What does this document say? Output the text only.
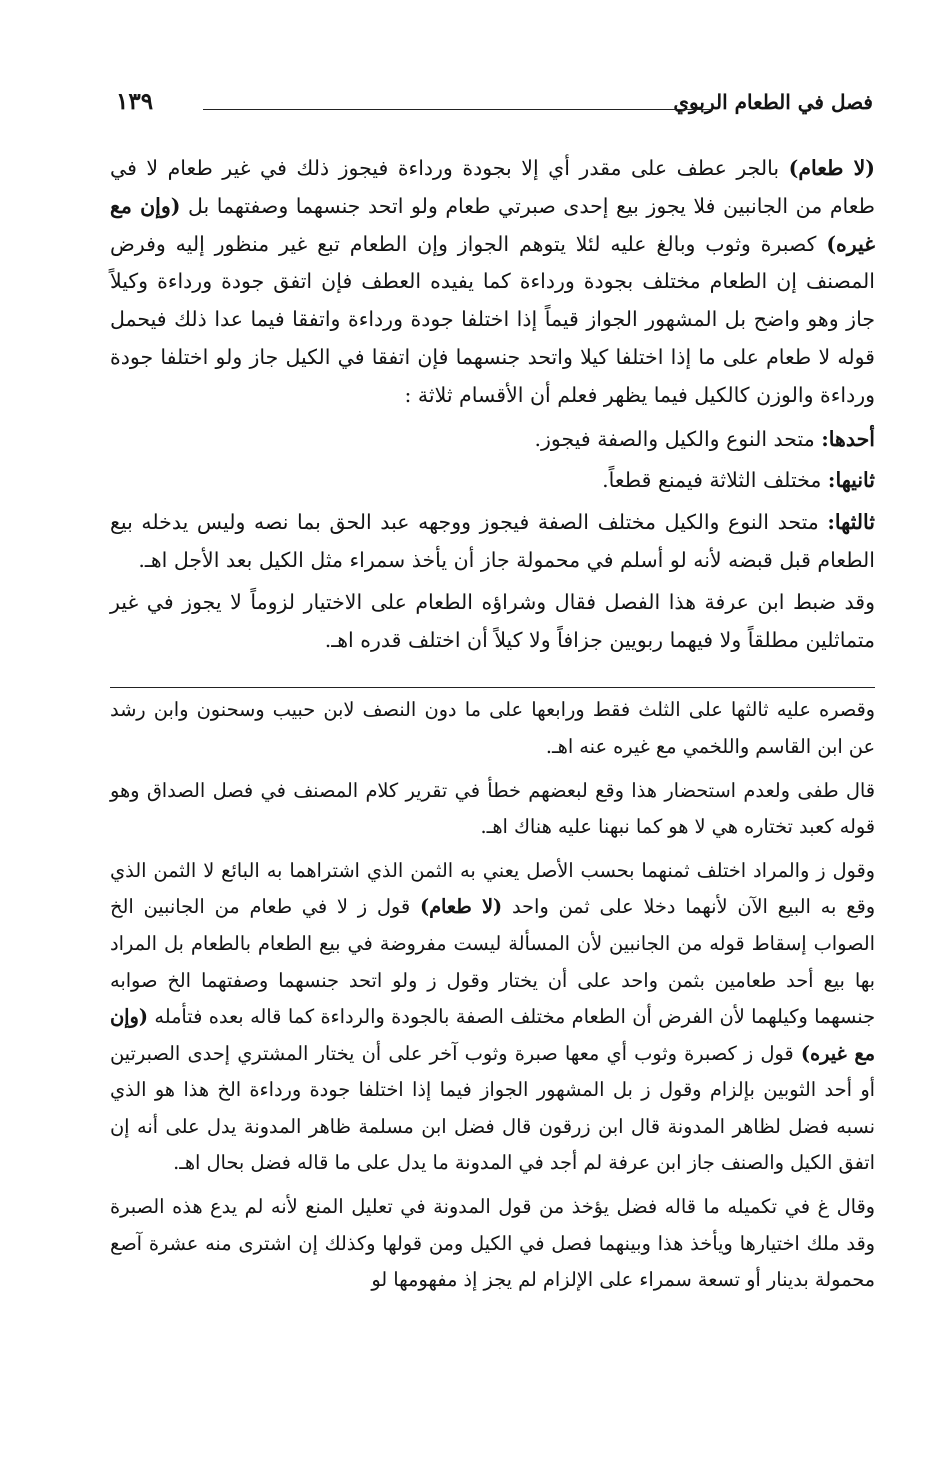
فصل في الطعام الربوي
١٣٩

(لا طعام) بالجر عطف على مقدر أي إلا بجودة ورداءة فيجوز ذلك في غير طعام لا في طعام من الجانبين فلا يجوز بيع إحدى صبرتي طعام ولو اتحد جنسهما وصفتهما بل (وإن مع غيره) كصبرة وثوب وبالغ عليه لئلا يتوهم الجواز وإن الطعام تبع غير منظور إليه وفرض المصنف إن الطعام مختلف بجودة ورداءة كما يفيده العطف فإن اتفق جودة ورداءة وكيلاً جاز وهو واضح بل المشهور الجواز قيماً إذا اختلفا جودة ورداءة واتفقا فيما عدا ذلك فيحمل قوله لا طعام على ما إذا اختلفا كيلا واتحد جنسهما فإن اتفقا في الكيل جاز ولو اختلفا جودة ورداءة والوزن كالكيل فيما يظهر فعلم أن الأقسام ثلاثة :

أحدها: متحد النوع والكيل والصفة فيجوز.

ثانيها: مختلف الثلاثة فيمنع قطعاً.

ثالثها: متحد النوع والكيل مختلف الصفة فيجوز ووجهه عبد الحق بما نصه وليس يدخله بيع الطعام قبل قبضه لأنه لو أسلم في محمولة جاز أن يأخذ سمراء مثل الكيل بعد الأجل اهـ.

وقد ضبط ابن عرفة هذا الفصل فقال وشراؤه الطعام على الاختيار لزوماً لا يجوز في غير متماثلين مطلقاً ولا فيهما ربويين جزافاً ولا كيلاً أن اختلف قدره اهـ.

وقصره عليه ثالثها على الثلث فقط ورابعها على ما دون النصف لابن حبيب وسحنون وابن رشد عن ابن القاسم واللخمي مع غيره عنه اهـ.

قال طفى ولعدم استحضار هذا وقع لبعضهم خطأ في تقرير كلام المصنف في فصل الصداق وهو قوله كعبد تختاره هي لا هو كما نبهنا عليه هناك اهـ.

وقول ز والمراد اختلف ثمنهما بحسب الأصل يعني به الثمن الذي اشتراهما به البائع لا الثمن الذي وقع به البيع الآن لأنهما دخلا على ثمن واحد (لا طعام) قول ز لا في طعام من الجانبين الخ الصواب إسقاط قوله من الجانبين لأن المسألة ليست مفروضة في بيع الطعام بالطعام بل المراد بها بيع أحد طعامين بثمن واحد على أن يختار وقول ز ولو اتحد جنسهما وصفتهما الخ صوابه جنسهما وكيلهما لأن الفرض أن الطعام مختلف الصفة بالجودة والرداءة كما قاله بعده فتأمله (وإن مع غيره) قول ز كصبرة وثوب أي معها صبرة وثوب آخر على أن يختار المشتري إحدى الصبرتين أو أحد الثوبين بإلزام وقول ز بل المشهور الجواز فيما إذا اختلفا جودة ورداءة الخ هذا هو الذي نسبه فضل لظاهر المدونة قال ابن زرقون قال فضل ابن مسلمة ظاهر المدونة يدل على أنه إن اتفق الكيل والصنف جاز ابن عرفة لم أجد في المدونة ما يدل على ما قاله فضل بحال اهـ.

وقال غ في تكميله ما قاله فضل يؤخذ من قول المدونة في تعليل المنع لأنه لم يدع هذه الصبرة وقد ملك اختيارها ويأخذ هذا وبينهما فصل في الكيل ومن قولها وكذلك إن اشترى منه عشرة آصع محمولة بدينار أو تسعة سمراء على الإلزام لم يجز إذ مفهومها لو
